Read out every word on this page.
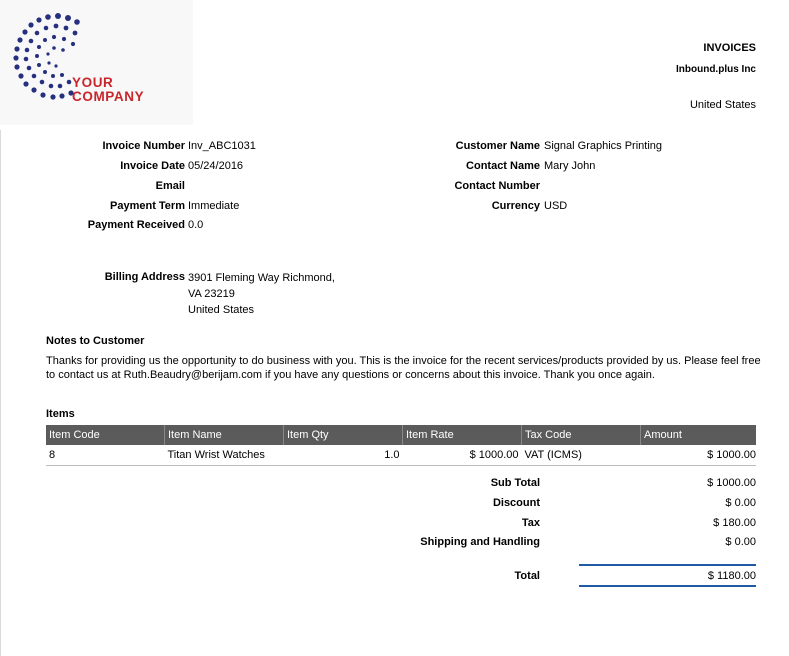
YOUR
COMPANY
INVOICES
Inbound.plus Inc
United States
Invoice Number Inv_ABC1031
Invoice Date 05/24/2016
Email
Payment Term Immediate
Payment Received 0.0
Customer Name Signal Graphics Printing
Contact Name Mary John
Contact Number
Currency USD
Billing Address 3901 Fleming Way Richmond,
VA 23219
United States
Notes to Customer
Thanks for providing us the opportunity to do business with you. This is the invoice for the recent services/products provided by us. Please feel free to contact us at Ruth.Beaudry@berijam.com if you have any questions or concerns about this invoice. Thank you once again.
Items
Item Code	Item Name	Item Qty	Item Rate	Tax Code	Amount
8	Titan Wrist Watches	1.0	$ 1000.00	VAT (ICMS)	$ 1000.00
Sub Total	$ 1000.00
Discount	$ 0.00
Tax	$ 180.00
Shipping and Handling	$ 0.00
Total	$ 1180.00
